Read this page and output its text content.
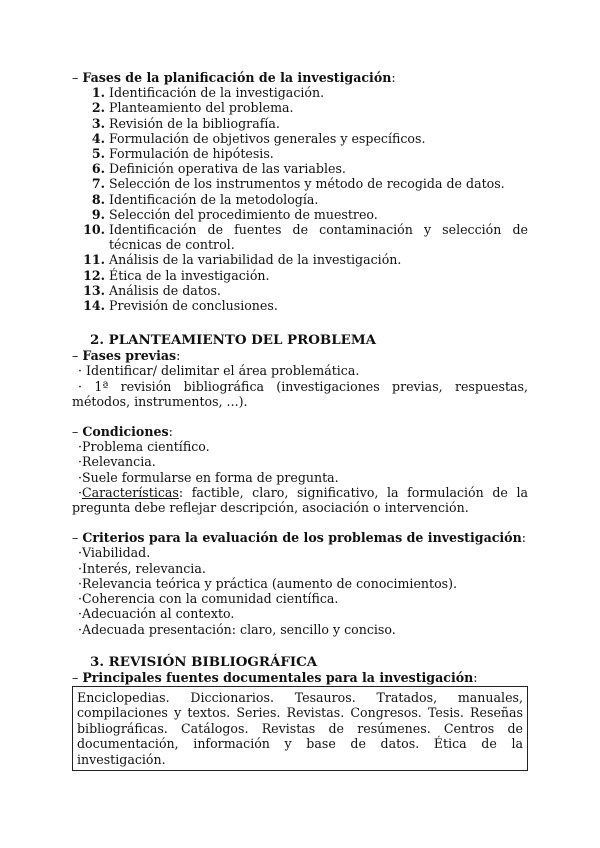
– Fases de la planificación de la investigación:
1. Identificación de la investigación.
2. Planteamiento del problema.
3. Revisión de la bibliografía.
4. Formulación de objetivos generales y específicos.
5. Formulación de hipótesis.
6. Definición operativa de las variables.
7. Selección de los instrumentos y método de recogida de datos.
8. Identificación de la metodología.
9. Selección del procedimiento de muestreo.
10. Identificación de fuentes de contaminación y selección de técnicas de control.
11. Análisis de la variabilidad de la investigación.
12. Ética de la investigación.
13. Análisis de datos.
14. Previsión de conclusiones.
2. PLANTEAMIENTO DEL PROBLEMA
– Fases previas:
· Identificar/ delimitar el área problemática.
· 1ª revisión bibliográfica (investigaciones previas, respuestas, métodos, instrumentos, ...).
– Condiciones:
·Problema científico.
·Relevancia.
·Suele formularse en forma de pregunta.
·Características: factible, claro, significativo, la formulación de la pregunta debe reflejar descripción, asociación o intervención.
– Criterios para la evaluación de los problemas de investigación:
·Viabilidad.
·Interés, relevancia.
·Relevancia teórica y práctica (aumento de conocimientos).
·Coherencia con la comunidad científica.
·Adecuación al contexto.
·Adecuada presentación: claro, sencillo y conciso.
3. REVISIÓN BIBLIOGRÁFICA
– Principales fuentes documentales para la investigación:
Enciclopedias. Diccionarios. Tesauros. Tratados, manuales, compilaciones y textos. Series. Revistas. Congresos. Tesis. Reseñas bibliográficas. Catálogos. Revistas de resúmenes. Centros de documentación, información y base de datos. Ética de la investigación.
